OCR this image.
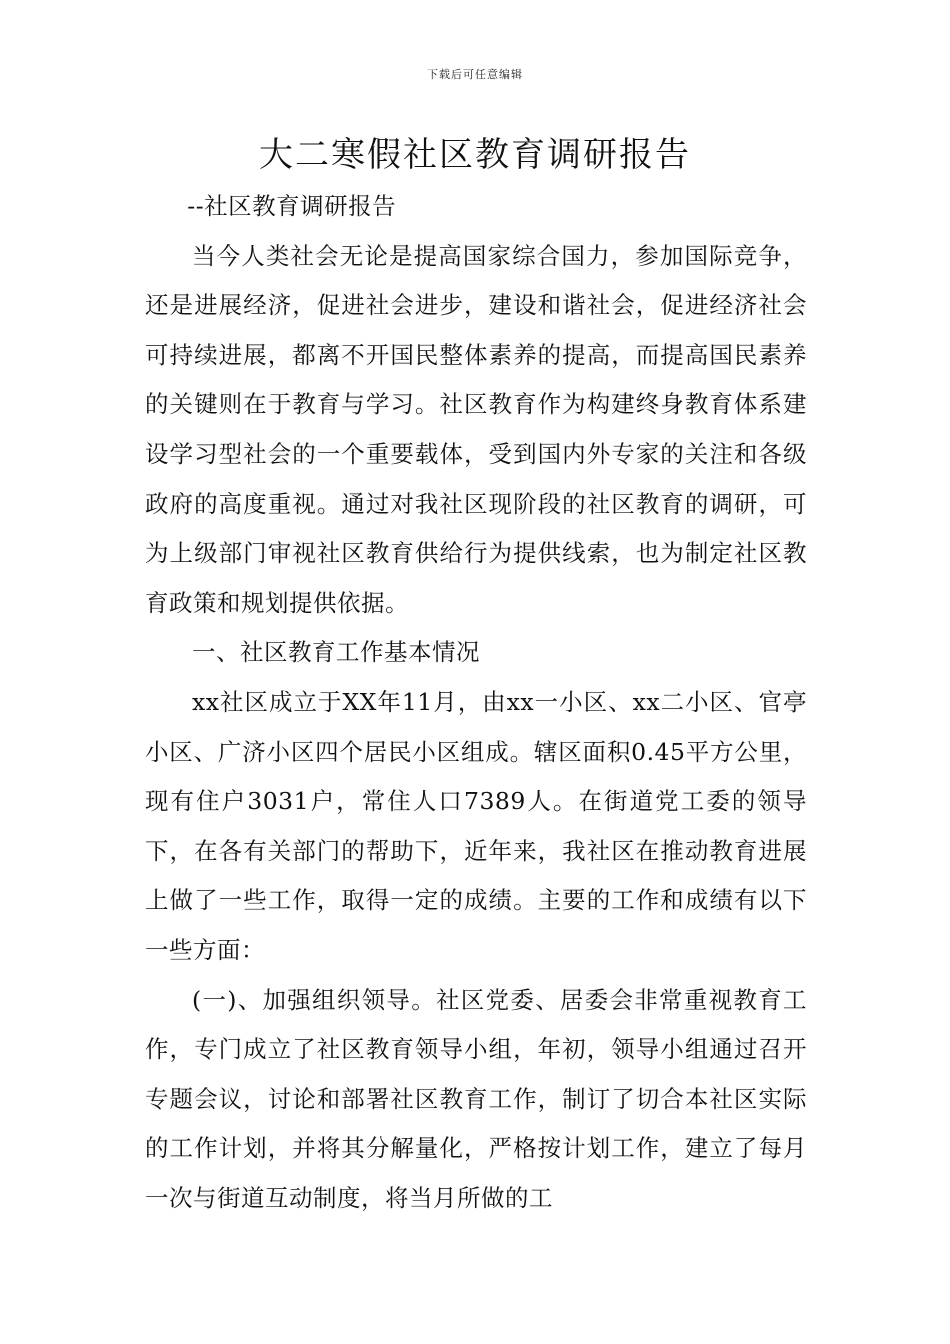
下载后可任意编辑
大二寒假社区教育调研报告

--社区教育调研报告

当今人类社会无论是提高国家综合国力，参加国际竞争，还是进展经济，促进社会进步，建设和谐社会，促进经济社会可持续进展，都离不开国民整体素养的提高，而提高国民素养的关键则在于教育与学习。社区教育作为构建终身教育体系建设学习型社会的一个重要载体，受到国内外专家的关注和各级政府的高度重视。通过对我社区现阶段的社区教育的调研，可为上级部门审视社区教育供给行为提供线索，也为制定社区教育政策和规划提供依据。

一、社区教育工作基本情况

xx社区成立于XX年11月，由xx一小区、xx二小区、官亭小区、广济小区四个居民小区组成。辖区面积0.45平方公里，现有住户3031户，常住人口7389人。在街道党工委的领导下，在各有关部门的帮助下，近年来，我社区在推动教育进展上做了一些工作，取得一定的成绩。主要的工作和成绩有以下一些方面：

(一)、加强组织领导。社区党委、居委会非常重视教育工作，专门成立了社区教育领导小组，年初，领导小组通过召开专题会议，讨论和部署社区教育工作，制订了切合本社区实际的工作计划，并将其分解量化，严格按计划工作，建立了每月一次与街道互动制度，将当月所做的工
